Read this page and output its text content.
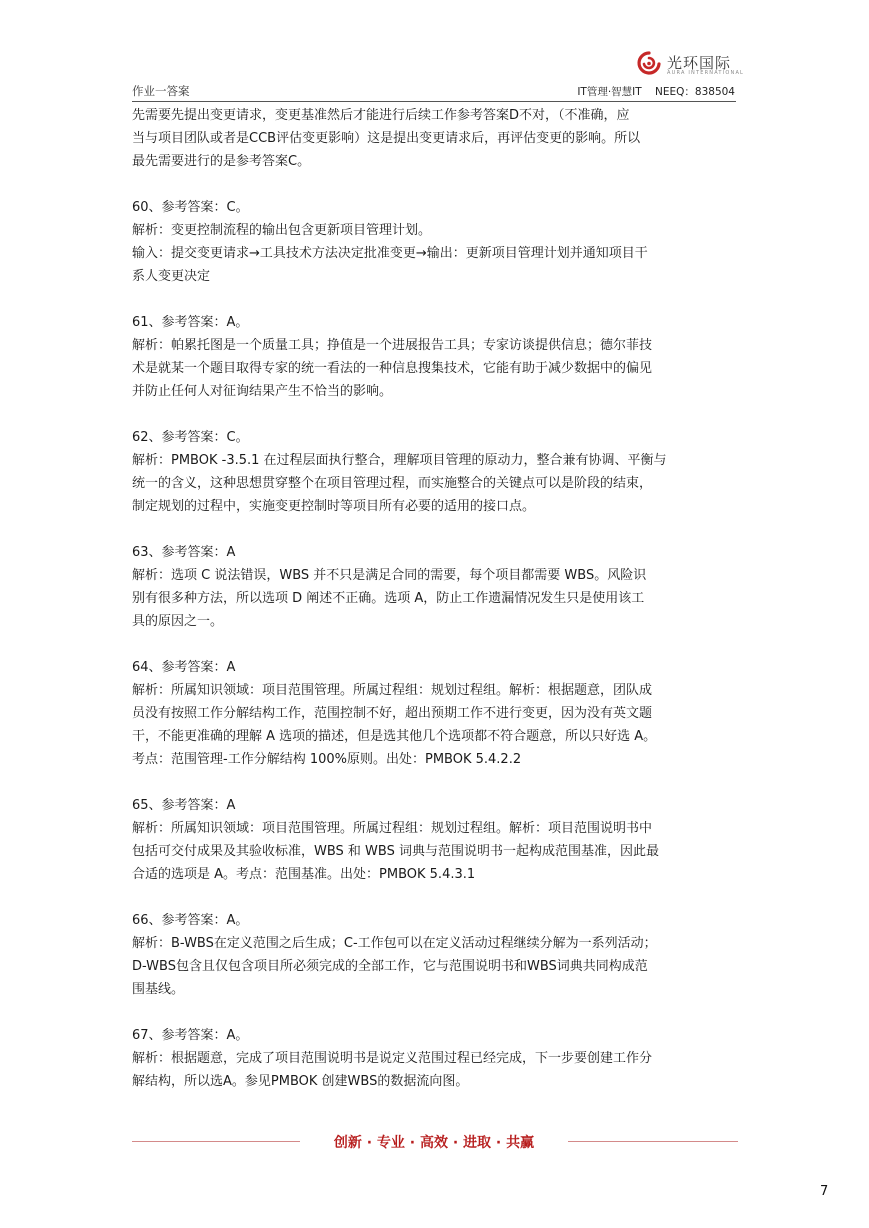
光环国际
AURA INTERNATIONAL
作业一答案	IT管理·智慧IT NEEQ：838504

先需要先提出变更请求，变更基准然后才能进行后续工作参考答案D不对，（不准确，应

当与项目团队或者是CCB评估变更影响）这是提出变更请求后，再评估变更的影响。所以

最先需要进行的是参考答案C。

60、参考答案：C。

解析：变更控制流程的输出包含更新项目管理计划。

输入：提交变更请求→工具技术方法决定批准变更→输出：更新项目管理计划并通知项目干

系人变更决定

61、参考答案：A。

解析：帕累托图是一个质量工具；挣值是一个进展报告工具；专家访谈提供信息；德尔菲技

术是就某一个题目取得专家的统一看法的一种信息搜集技术，它能有助于减少数据中的偏见

并防止任何人对征询结果产生不恰当的影响。

62、参考答案：C。

解析：PMBOK -3.5.1 在过程层面执行整合，理解项目管理的原动力，整合兼有协调、平衡与

统一的含义，这种思想贯穿整个在项目管理过程，而实施整合的关键点可以是阶段的结束，

制定规划的过程中，实施变更控制时等项目所有必要的适用的接口点。

63、参考答案：A

解析：选项 C 说法错误，WBS 并不只是满足合同的需要，每个项目都需要 WBS。风险识

别有很多种方法，所以选项 D 阐述不正确。选项 A，防止工作遗漏情况发生只是使用该工

具的原因之一。

64、参考答案：A

解析：所属知识领域：项目范围管理。所属过程组：规划过程组。解析：根据题意，团队成

员没有按照工作分解结构工作，范围控制不好，超出预期工作不进行变更，因为没有英文题

干，不能更准确的理解 A 选项的描述，但是选其他几个选项都不符合题意，所以只好选 A。

考点：范围管理-工作分解结构 100%原则。出处：PMBOK 5.4.2.2

65、参考答案：A

解析：所属知识领域：项目范围管理。所属过程组：规划过程组。解析：项目范围说明书中

包括可交付成果及其验收标准，WBS 和 WBS 词典与范围说明书一起构成范围基准，因此最

合适的选项是 A。考点：范围基准。出处：PMBOK 5.4.3.1

66、参考答案：A。

解析：B-WBS在定义范围之后生成；C-工作包可以在定义活动过程继续分解为一系列活动；

D-WBS包含且仅包含项目所必须完成的全部工作，它与范围说明书和WBS词典共同构成范

围基线。

67、参考答案：A。

解析：根据题意，完成了项目范围说明书是说定义范围过程已经完成，下一步要创建工作分

解结构，所以选A。参见PMBOK 创建WBS的数据流向图。

创新 · 专业 · 高效 · 进取 · 共赢
7
